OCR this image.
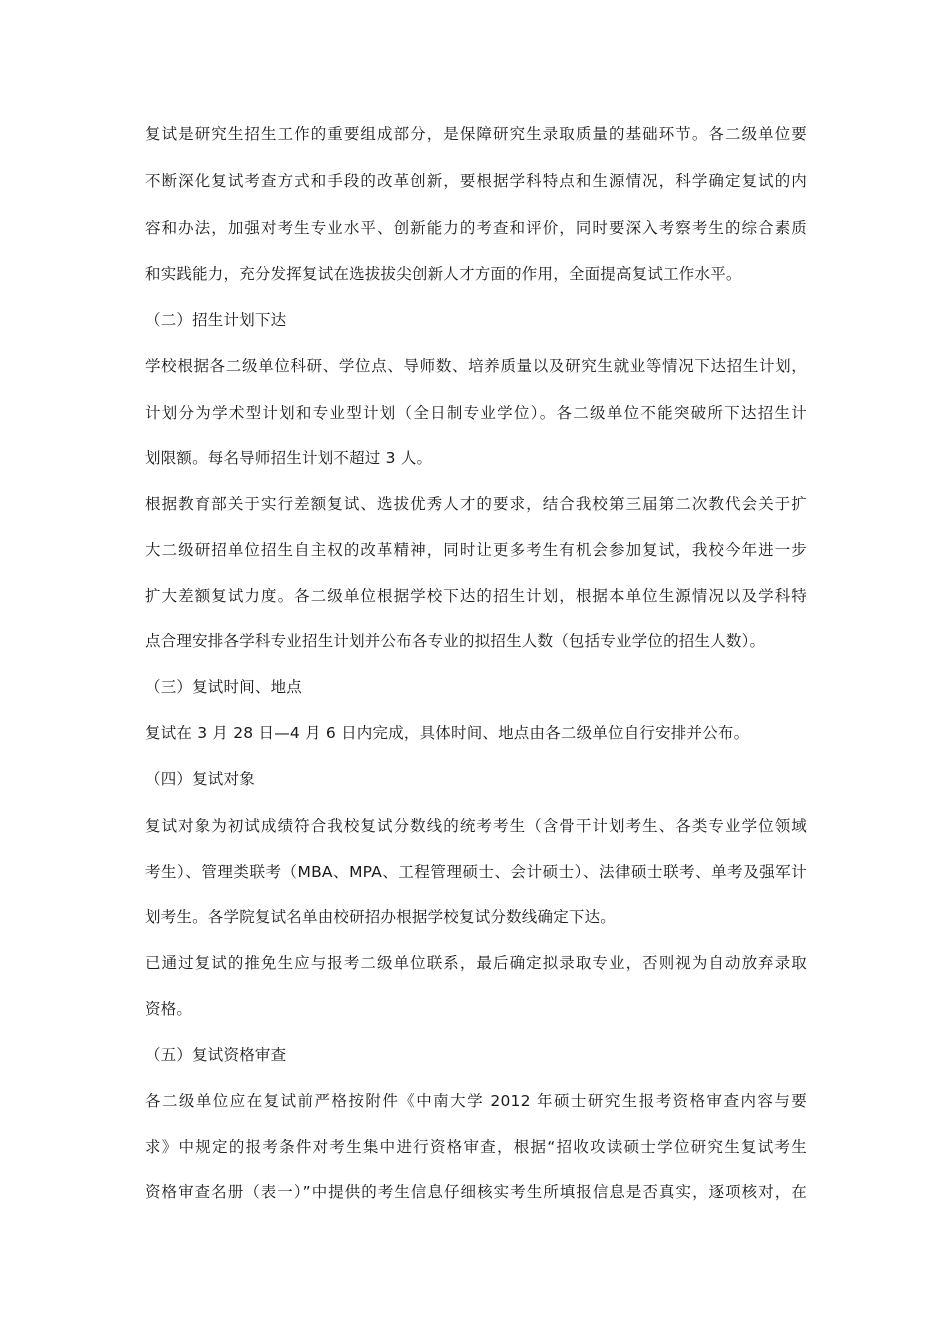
复试是研究生招生工作的重要组成部分，是保障研究生录取质量的基础环节。各二级单位要
不断深化复试考查方式和手段的改革创新，要根据学科特点和生源情况，科学确定复试的内
容和办法，加强对考生专业水平、创新能力的考查和评价，同时要深入考察考生的综合素质
和实践能力，充分发挥复试在选拔拔尖创新人才方面的作用，全面提高复试工作水平。
（二）招生计划下达
学校根据各二级单位科研、学位点、导师数、培养质量以及研究生就业等情况下达招生计划，
计划分为学术型计划和专业型计划（全日制专业学位）。各二级单位不能突破所下达招生计
划限额。每名导师招生计划不超过 3 人。
根据教育部关于实行差额复试、选拔优秀人才的要求，结合我校第三届第二次教代会关于扩
大二级研招单位招生自主权的改革精神，同时让更多考生有机会参加复试，我校今年进一步
扩大差额复试力度。各二级单位根据学校下达的招生计划，根据本单位生源情况以及学科特
点合理安排各学科专业招生计划并公布各专业的拟招生人数（包括专业学位的招生人数）。
（三）复试时间、地点
复试在 3 月 28 日—4 月 6 日内完成，具体时间、地点由各二级单位自行安排并公布。
（四）复试对象
复试对象为初试成绩符合我校复试分数线的统考考生（含骨干计划考生、各类专业学位领域
考生）、管理类联考（MBA、MPA、工程管理硕士、会计硕士）、法律硕士联考、单考及强军计
划考生。各学院复试名单由校研招办根据学校复试分数线确定下达。
已通过复试的推免生应与报考二级单位联系，最后确定拟录取专业，否则视为自动放弃录取
资格。
（五）复试资格审查
各二级单位应在复试前严格按附件《中南大学 2012 年硕士研究生报考资格审查内容与要
求》中规定的报考条件对考生集中进行资格审查，根据“招收攻读硕士学位研究生复试考生
资格审查名册（表一）”中提供的考生信息仔细核实考生所填报信息是否真实，逐项核对，在
